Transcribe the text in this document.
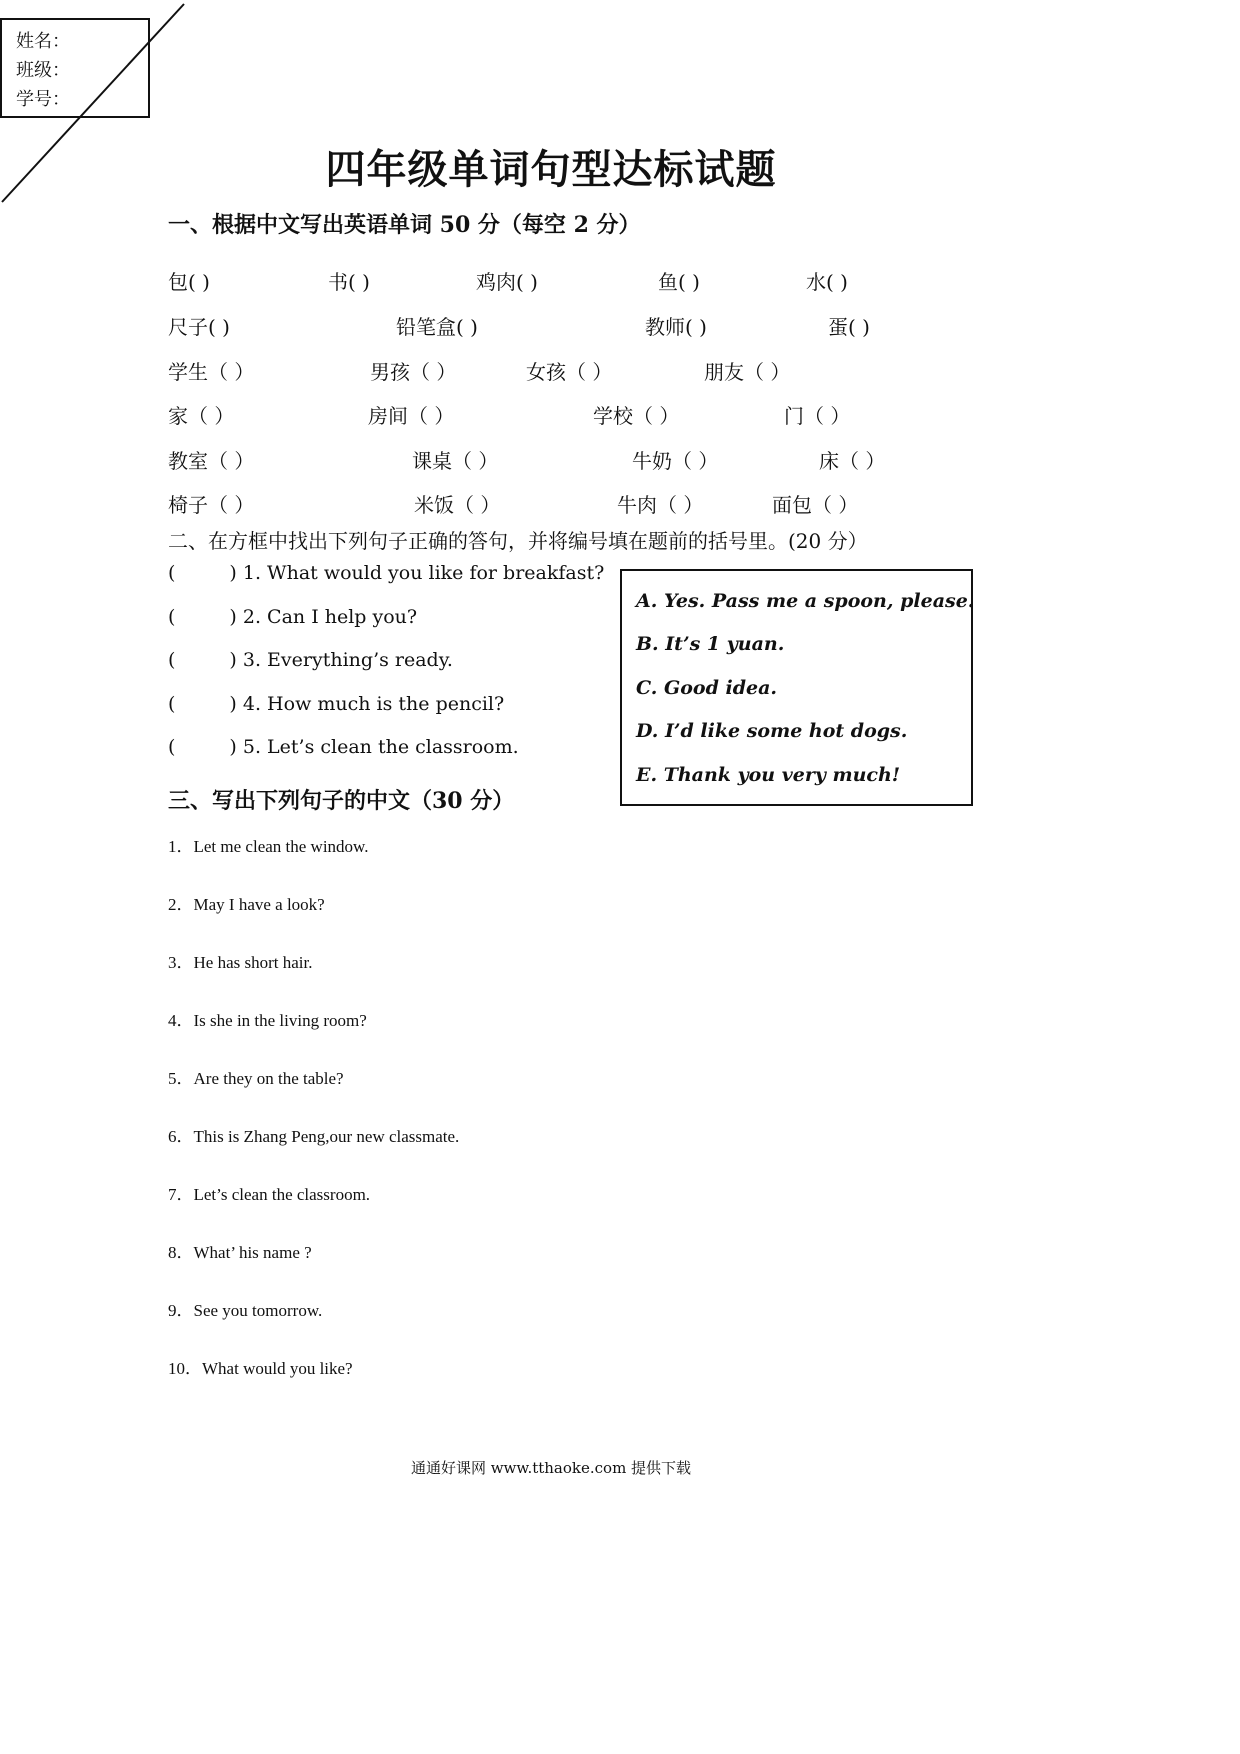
姓名：
班级：
学号：
四年级单词句型达标试题
一、根据中文写出英语单词 50 分（每空 2 分）
包( )	书( )	鸡肉( )	鱼( )	水( )
尺子( )	铅笔盒( )	教师( )	蛋( )
学生（ ）	男孩（ ）	女孩（ ）	朋友（ ）
家（ ）	房间（ ）	学校（ ）	门（ ）
教室（ ）	课桌（ ）	牛奶（ ）	床（ ）
椅子（ ）	米饭（ ）	牛肉（ ）	面包（ ）
二、在方框中找出下列句子正确的答句，并将编号填在题前的括号里。(20 分）
(	) 1. What would you like for breakfast?
(	) 2. Can I help you?
(	) 3. Everything’s ready.
(	) 4. How much is the pencil?
(	) 5. Let’s clean the classroom.
A. Yes. Pass me a spoon, please.
B. It’s 1 yuan.
C. Good idea.
D. I’d like some hot dogs.
E. Thank you very much!
三、写出下列句子的中文（30 分）
1．Let me clean the window.
2．May I have a look?
3．He has short hair.
4．Is she in the living room?
5．Are they on the table?
6．This is Zhang Peng,our new classmate.
7．Let’s clean the classroom.
8．What’ his name ?
9．See you tomorrow.
10．What would you like?
通通好课网 www.tthaoke.com 提供下载
